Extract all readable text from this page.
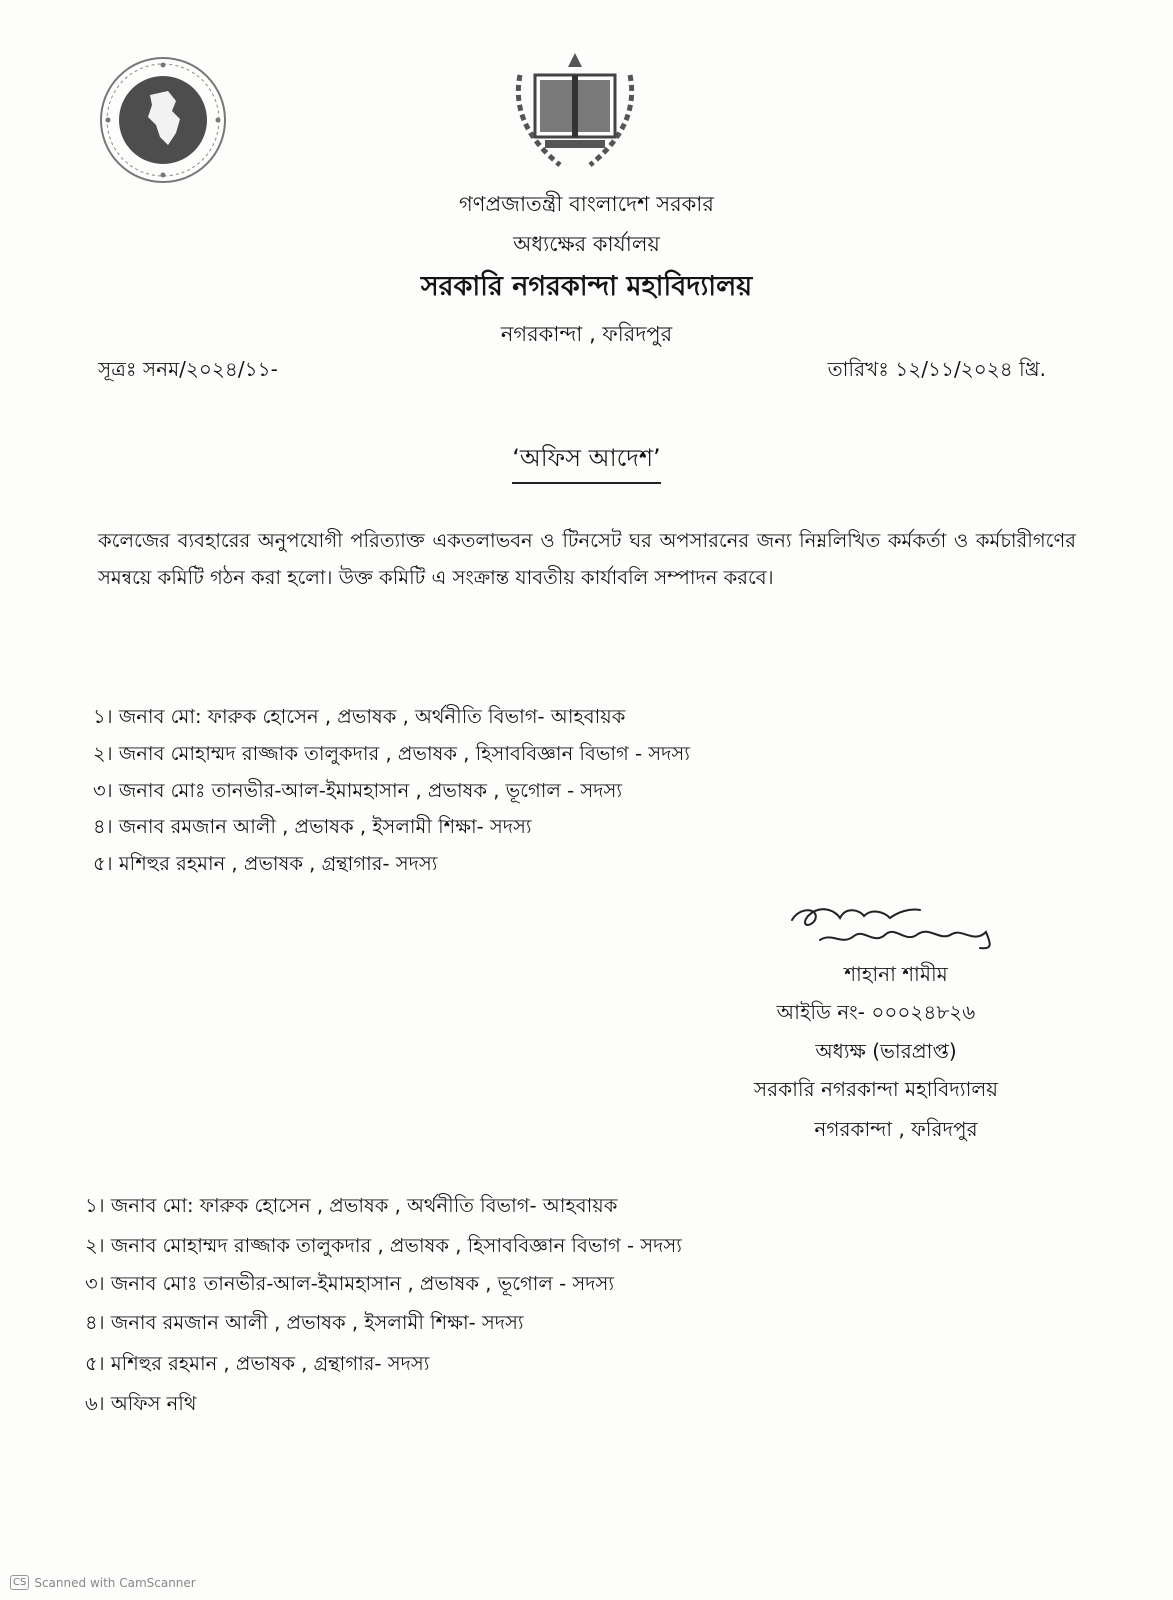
গণপ্রজাতন্ত্রী বাংলাদেশ সরকার
অধ্যক্ষের কার্যালয়
সরকারি নগরকান্দা মহাবিদ্যালয়
নগরকান্দা , ফরিদপুর
সূত্রঃ সনম/২০২৪/১১-	তারিখঃ ১২/১১/২০২৪ খ্রি.
‘অফিস আদেশ’
কলেজের ব্যবহারের অনুপযোগী পরিত্যাক্ত একতলাভবন ও টিনসেট ঘর অপসারনের জন্য নিম্নলিখিত কর্মকর্তা ও কর্মচারীগণের সমন্বয়ে কমিটি গঠন করা হলো। উক্ত কমিটি এ সংক্রান্ত যাবতীয় কার্যাবলি সম্পাদন করবে।
১। জনাব মো: ফারুক হোসেন , প্রভাষক , অর্থনীতি বিভাগ- আহবায়ক
২। জনাব মোহাম্মদ রাজ্জাক তালুকদার , প্রভাষক , হিসাববিজ্ঞান বিভাগ - সদস্য
৩। জনাব মোঃ তানভীর-আল-ইমামহাসান , প্রভাষক , ভূগোল - সদস্য
৪। জনাব রমজান আলী , প্রভাষক , ইসলামী শিক্ষা- সদস্য
৫। মশিহুর রহমান , প্রভাষক , গ্রন্থাগার- সদস্য
শাহানা শামীম
আইডি নং- ০০০২৪৮২৬
অধ্যক্ষ (ভারপ্রাপ্ত)
সরকারি নগরকান্দা মহাবিদ্যালয়
নগরকান্দা , ফরিদপুর
১। জনাব মো: ফারুক হোসেন , প্রভাষক , অর্থনীতি বিভাগ- আহবায়ক
২। জনাব মোহাম্মদ রাজ্জাক তালুকদার , প্রভাষক , হিসাববিজ্ঞান বিভাগ - সদস্য
৩। জনাব মোঃ তানভীর-আল-ইমামহাসান , প্রভাষক , ভূগোল - সদস্য
৪। জনাব রমজান আলী , প্রভাষক , ইসলামী শিক্ষা- সদস্য
৫। মশিহুর রহমান , প্রভাষক , গ্রন্থাগার- সদস্য
৬। অফিস নথি
CS Scanned with CamScanner
